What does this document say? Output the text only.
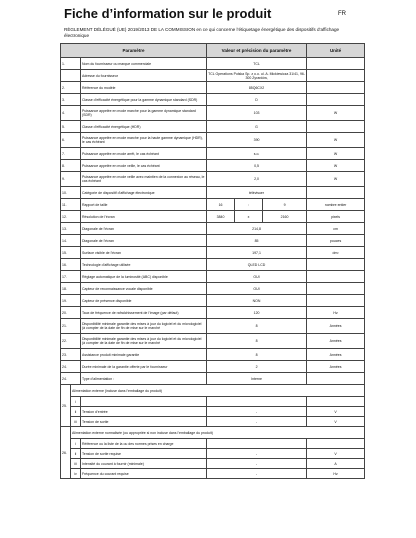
Fiche d’information sur le produit	FR
RÈGLEMENT DÉLÉGUÉ (UE) 2019/2013 DE LA COMMISSION en ce qui concerne l’étiquetage énergétique des dispositifs d’affichage électronique
Paramètre			Valeur et précision du paramètre			Unité
1.		Nom du fournisseur ou marque commerciale	TCL			
		Adresse du fournisseur	TCL Operations Polska Sp. z o.o. ul. A. Mickiewicza 31/41, 96-300 Żyrardów,			
2.		Référence du modèle	85Q6CX2			
3.		Classe d’efficacité énergétique pour la gamme dynamique standard (SDR)	D			
4.		Puissance appelée en mode marche pour la gamme dynamique standard (SDR)	103			W
5.		Classe d’efficacité énergétique (HDR)	G			
6.		Puissance appelée en mode marche pour la haute gamme dynamique (HDR), le cas échéant	390			W
7.		Puissance appelée en mode arrêt, le cas échéant	s.o.			W
8.		Puissance appelée en mode veille, le cas échéant	0,5			W
9.		Puissance appelée en mode veille avec maintien de la connexion au réseau, le cas échéant	2,0			W
10.		Catégorie de dispositif d’affichage électronique	télévisuer			
11.		Rapport de taille	16	:	9	nombre entier
12.		Résolution de l’écran	3840	x	2160	pixels
13.		Diagonale de l’écran	214,8			cm
14.		Diagonale de l’écran	85			pouces
15.		Surface visible de l’écran	197,1			dm²
16.		Technologie d’affichage utilisée	QLED LCD			
17.		Réglage automatique de la luminosité (ABC) disponible	OUI			
18.		Capteur de reconnaissance vocale disponible	OUI			
19.		Capteur de présence disponible	NON			
20.		Taux de fréquence de rafraîchissement de l’image (par défaut)	120			Hz
21.		Disponibilité minimale garantie des mises à jour du logiciel et du micrologiciel (à compter de la date de fin de mise sur le marché	8			Années
22.		Disponibilité minimale garantie des mises à jour du logiciel et du micrologiciel (à compter de la date de fin de mise sur le marché	8			Années
23.		Assistance produit minimale garantie	8			Années
24.		Durée minimale de la garantie offerte par le fournisseur	2			Années
24.		Type d’alimentation :	Interne			
25.	Alimentation externe (incluse dans l’emballage du produit)					
	i					
	ii	Tension d’entrée	-			V
	iii	Tension de sortie	-			V
26.	Alimentation externe normalisée (ou appropriée si non incluse dans l’emballage du produit)					
	i	Référence ou la liste de la ou des normes prises en charge				
	ii	Tension de sortie requise	-			V
	iii	Intensité du courant à fournir (minimale)	-			A
	iv	Fréquence du courant requise	-			Hz
